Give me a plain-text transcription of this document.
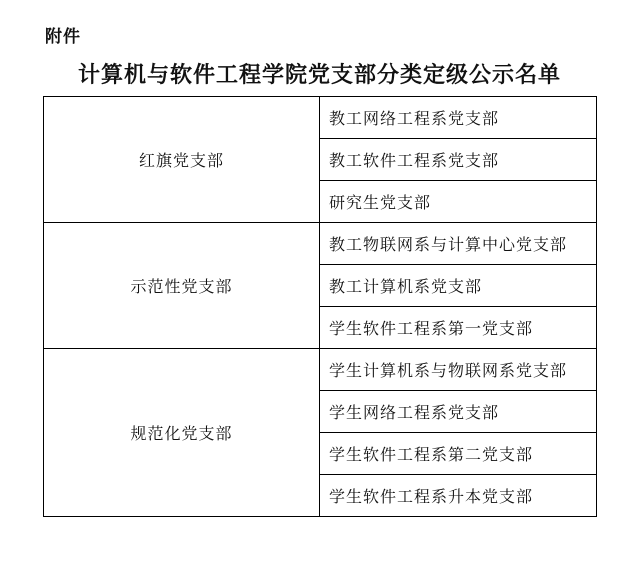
附件
计算机与软件工程学院党支部分类定级公示名单
红旗党支部	教工网络工程系党支部
	教工软件工程系党支部
	研究生党支部
示范性党支部	教工物联网系与计算中心党支部
	教工计算机系党支部
	学生软件工程系第一党支部
规范化党支部	学生计算机系与物联网系党支部
	学生网络工程系党支部
	学生软件工程系第二党支部
	学生软件工程系升本党支部
